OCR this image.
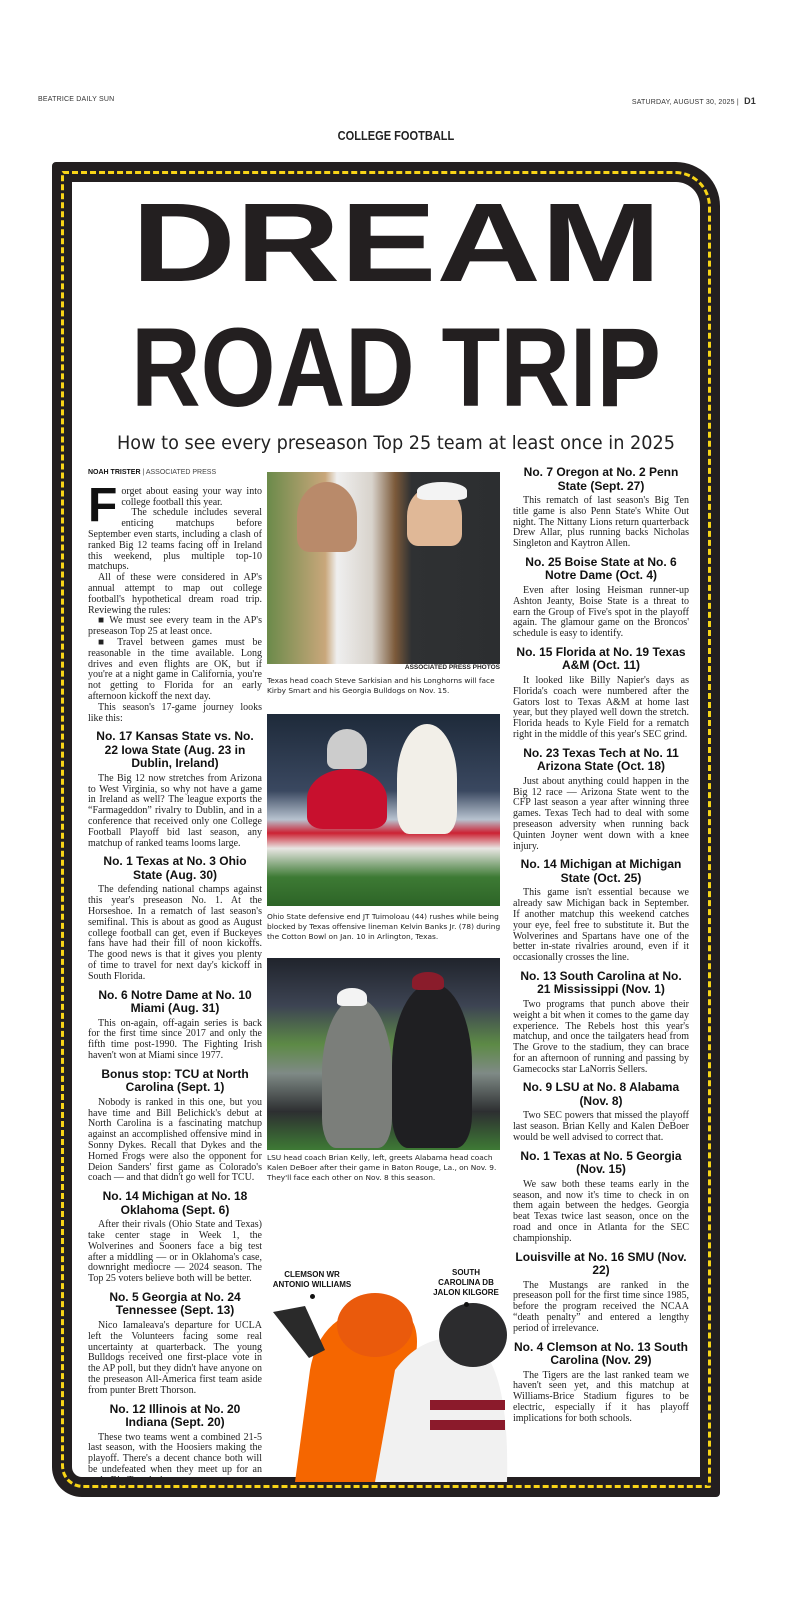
BEATRICE DAILY SUN	SATURDAY, AUGUST 30, 2025 | D1
COLLEGE FOOTBALL
DREAM
ROAD TRIP
How to see every preseason Top 25 team at least once in 2025
NOAH TRISTER | ASSOCIATED PRESS
F orget about easing your way into college football this year.

The schedule includes several enticing matchups before September even starts, including a clash of ranked Big 12 teams facing off in Ireland this weekend, plus multiple top-10 matchups.

All of these were considered in AP's annual attempt to map out college football's hypothetical dream road trip. Reviewing the rules:

■ We must see every team in the AP's preseason Top 25 at least once.

■ Travel between games must be reasonable in the time available. Long drives and even flights are OK, but if you're at a night game in California, you're not getting to Florida for an early afternoon kickoff the next day.

This season's 17-game journey looks like this:

No. 17 Kansas State vs. No. 22 Iowa State (Aug. 23 in Dublin, Ireland)

The Big 12 now stretches from Arizona to West Virginia, so why not have a game in Ireland as well? The league exports the “Farmageddon” rivalry to Dublin, and in a conference that received only one College Football Playoff bid last season, any matchup of ranked teams looms large.

No. 1 Texas at No. 3 Ohio State (Aug. 30)

The defending national champs against this year's preseason No. 1. At the Horseshoe. In a rematch of last season's semifinal. This is about as good as August college football can get, even if Buckeyes fans have had their fill of noon kickoffs. The good news is that it gives you plenty of time to travel for next day's kickoff in South Florida.

No. 6 Notre Dame at No. 10 Miami (Aug. 31)

This on-again, off-again series is back for the first time since 2017 and only the fifth time post-1990. The Fighting Irish haven't won at Miami since 1977.

Bonus stop: TCU at North Carolina (Sept. 1)

Nobody is ranked in this one, but you have time and Bill Belichick's debut at North Carolina is a fascinating matchup against an accomplished offensive mind in Sonny Dykes. Recall that Dykes and the Horned Frogs were also the opponent for Deion Sanders' first game as Colorado's coach — and that didn't go well for TCU.

No. 14 Michigan at No. 18 Oklahoma (Sept. 6)

After their rivals (Ohio State and Texas) take center stage in Week 1, the Wolverines and Sooners face a big test after a middling — or in Oklahoma's case, downright mediocre — 2024 season. The Top 25 voters believe both will be better.

No. 5 Georgia at No. 24 Tennessee (Sept. 13)

Nico Iamaleava's departure for UCLA left the Volunteers facing some real uncertainty at quarterback. The young Bulldogs received one first-place vote in the AP poll, but they didn't have anyone on the preseason All-America first team aside from punter Brett Thorson.

No. 12 Illinois at No. 20 Indiana (Sept. 20)

These two teams went a combined 21-5 last season, with the Hoosiers making the playoff. There's a decent chance both will be undefeated when they meet up for an early Big Ten clash.

No. 7 Oregon at No. 2 Penn State (Sept. 27)

This rematch of last season's Big Ten title game is also Penn State's White Out night. The Nittany Lions return quarterback Drew Allar, plus running backs Nicholas Singleton and Kaytron Allen.

No. 25 Boise State at No. 6 Notre Dame (Oct. 4)

Even after losing Heisman runner-up Ashton Jeanty, Boise State is a threat to earn the Group of Five's spot in the playoff again. The glamour game on the Broncos' schedule is easy to identify.

No. 15 Florida at No. 19 Texas A&M (Oct. 11)

It looked like Billy Napier's days as Florida's coach were numbered after the Gators lost to Texas A&M at home last year, but they played well down the stretch. Florida heads to Kyle Field for a rematch right in the middle of this year's SEC grind.

No. 23 Texas Tech at No. 11 Arizona State (Oct. 18)

Just about anything could happen in the Big 12 race — Arizona State went to the CFP last season a year after winning three games. Texas Tech had to deal with some preseason adversity when running back Quinten Joyner went down with a knee injury.

No. 14 Michigan at Michigan State (Oct. 25)

This game isn't essential because we already saw Michigan back in September. If another matchup this weekend catches your eye, feel free to substitute it. But the Wolverines and Spartans have one of the better in-state rivalries around, even if it occasionally crosses the line.

No. 13 South Carolina at No. 21 Mississippi (Nov. 1)

Two programs that punch above their weight a bit when it comes to the game day experience. The Rebels host this year's matchup, and once the tailgaters head from The Grove to the stadium, they can brace for an afternoon of running and passing by Gamecocks star LaNorris Sellers.

No. 9 LSU at No. 8 Alabama (Nov. 8)

Two SEC powers that missed the playoff last season. Brian Kelly and Kalen DeBoer would be well advised to correct that.

No. 1 Texas at No. 5 Georgia (Nov. 15)

We saw both these teams early in the season, and now it's time to check in on them again between the hedges. Georgia beat Texas twice last season, once on the road and once in Atlanta for the SEC championship.

Louisville at No. 16 SMU (Nov. 22)

The Mustangs are ranked in the preseason poll for the first time since 1985, before the program received the NCAA “death penalty” and entered a lengthy period of irrelevance.

No. 4 Clemson at No. 13 South Carolina (Nov. 29)

The Tigers are the last ranked team we haven't seen yet, and this matchup at Williams-Brice Stadium figures to be electric, especially if it has playoff implications for both schools.

ASSOCIATED PRESS PHOTOS
Texas head coach Steve Sarkisian and his Longhorns will face Kirby Smart and his Georgia Bulldogs on Nov. 15.
Ohio State defensive end JT Tuimoloau (44) rushes while being blocked by Texas offensive lineman Kelvin Banks Jr. (78) during the Cotton Bowl on Jan. 10 in Arlington, Texas.
LSU head coach Brian Kelly, left, greets Alabama head coach Kalen DeBoer after their game in Baton Rouge, La., on Nov. 9. They'll face each other on Nov. 8 this season.
CLEMSON WR ANTONIO WILLIAMS
SOUTH CAROLINA DB JALON KILGORE
